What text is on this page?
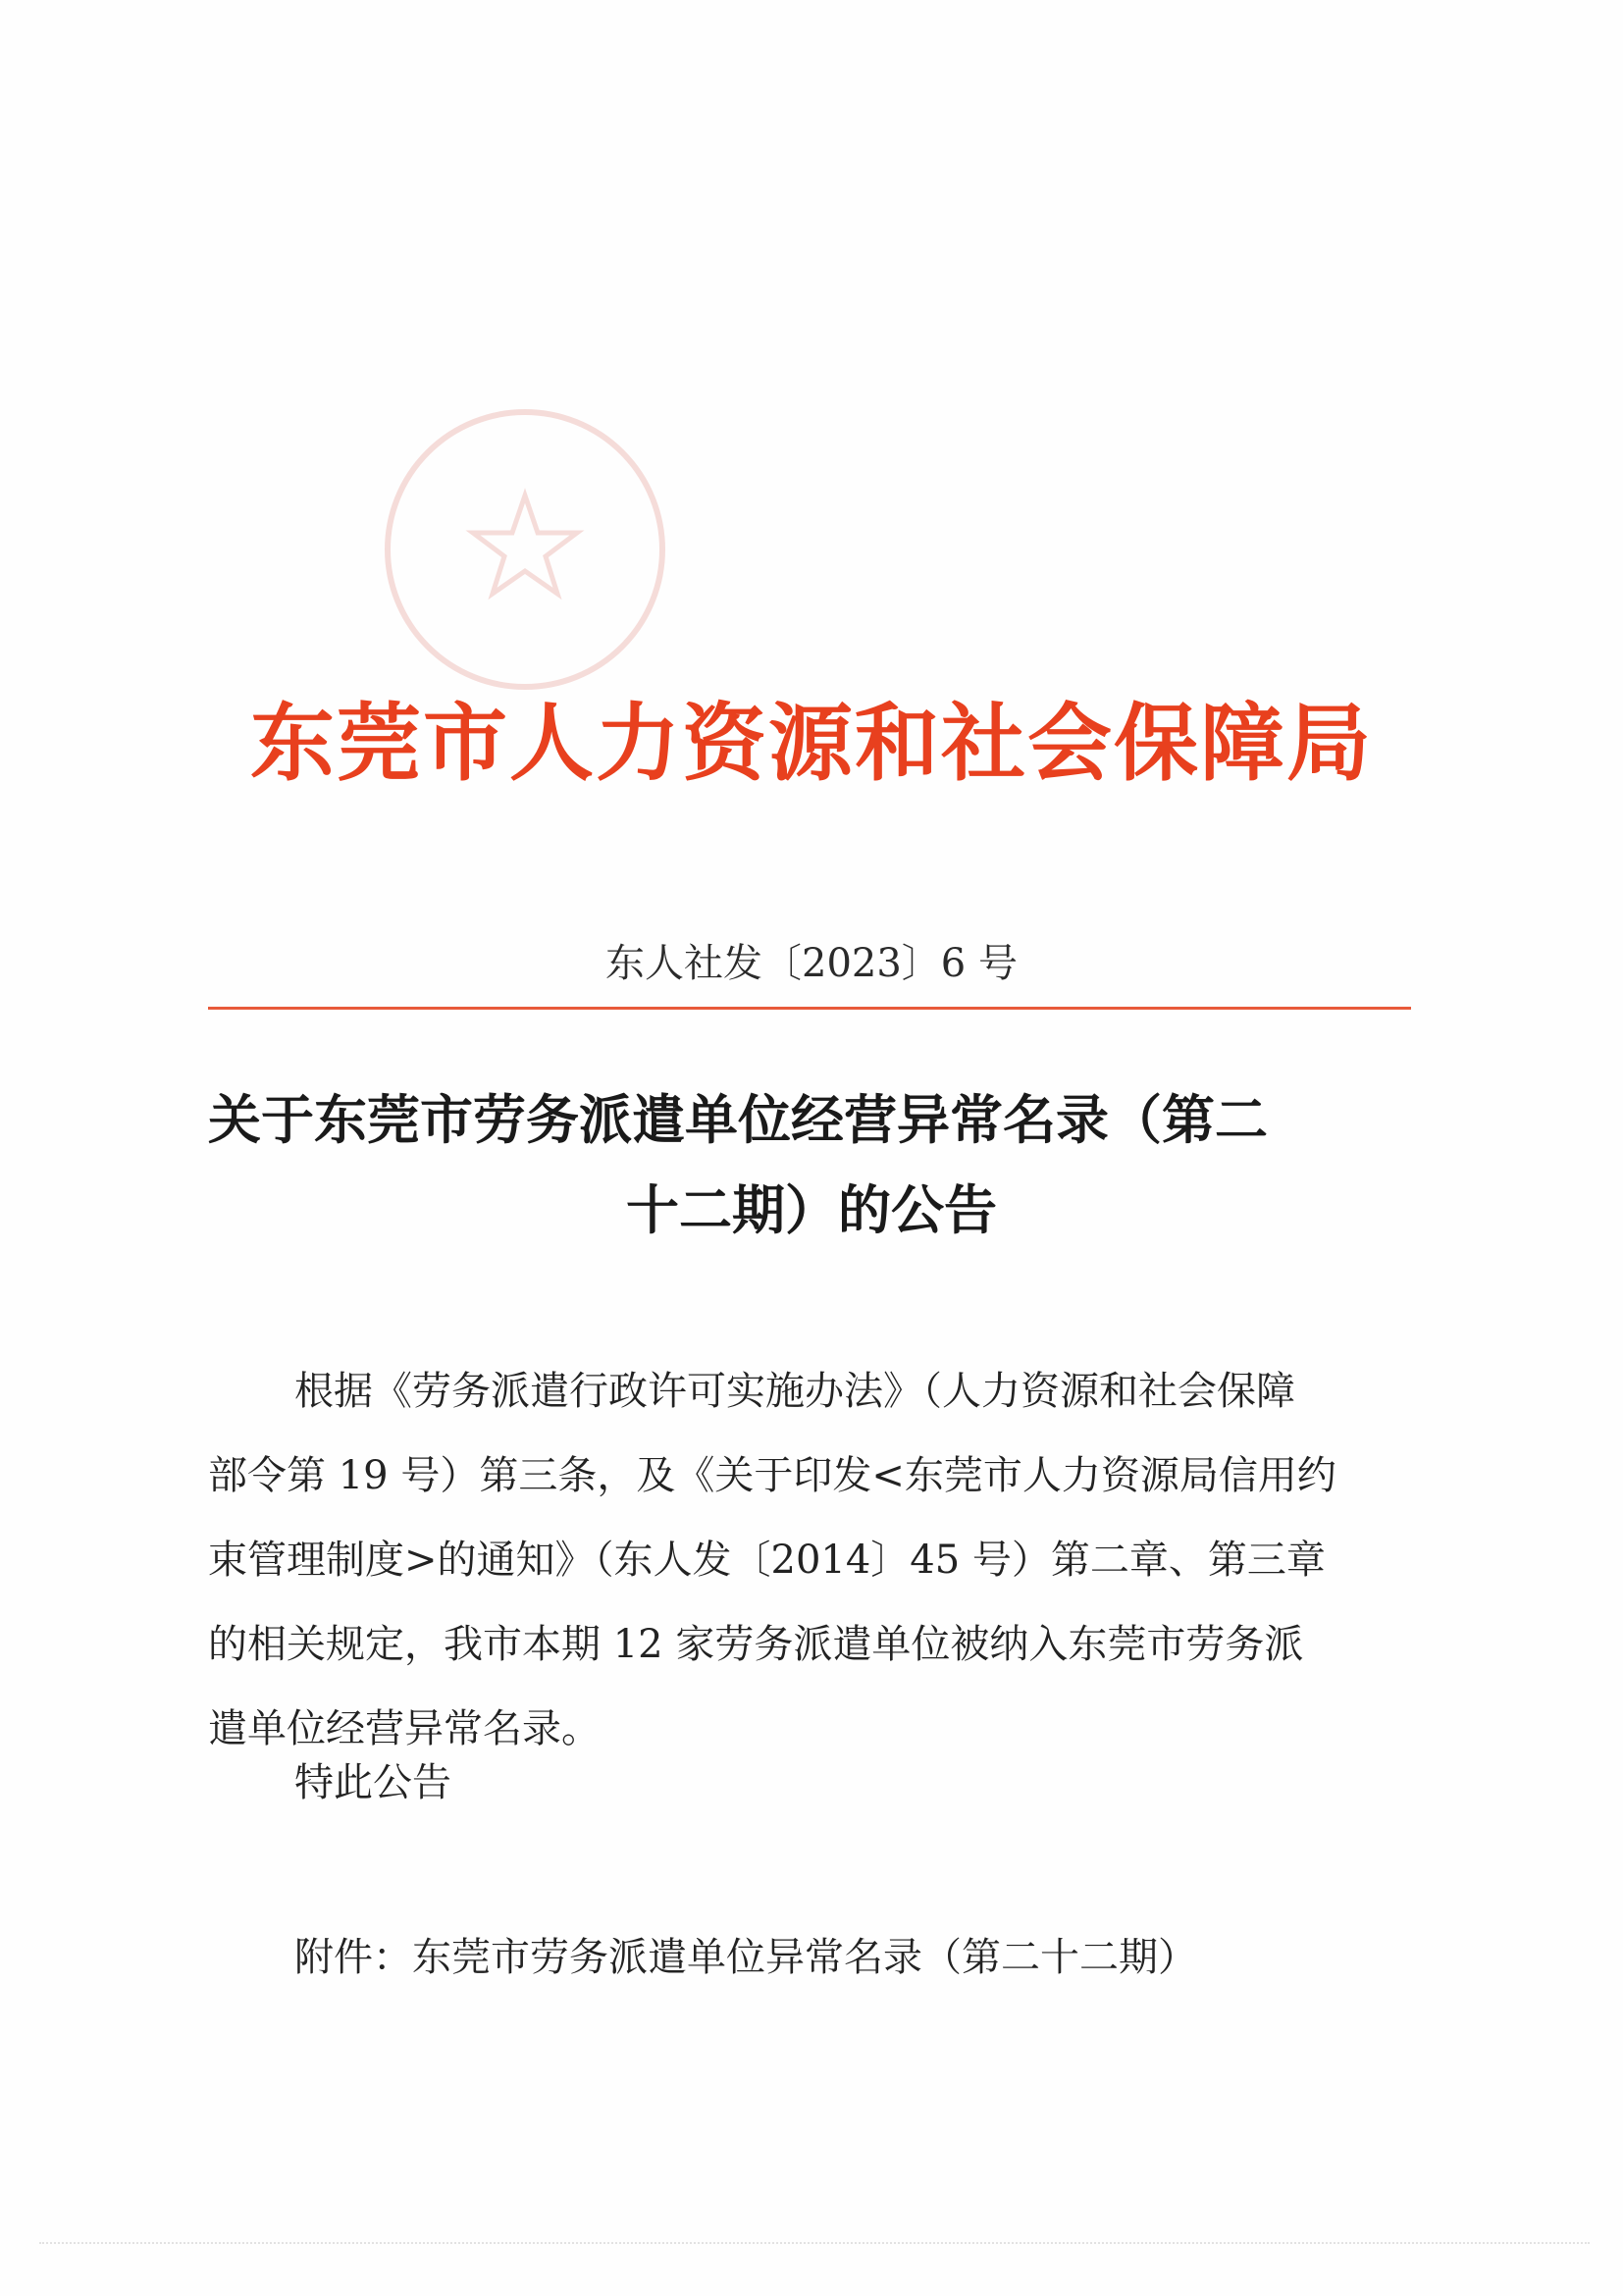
东莞市人力资源和社会保障局
东人社发〔2023〕6 号
关于东莞市劳务派遣单位经营异常名录（第二
十二期）的公告
根据《劳务派遣行政许可实施办法》（人力资源和社会保障
部令第 19 号）第三条，及《关于印发<东莞市人力资源局信用约
束管理制度>的通知》（东人发〔2014〕45 号）第二章、第三章
的相关规定，我市本期 12 家劳务派遣单位被纳入东莞市劳务派
遣单位经营异常名录。
特此公告
附件：东莞市劳务派遣单位异常名录（第二十二期）
